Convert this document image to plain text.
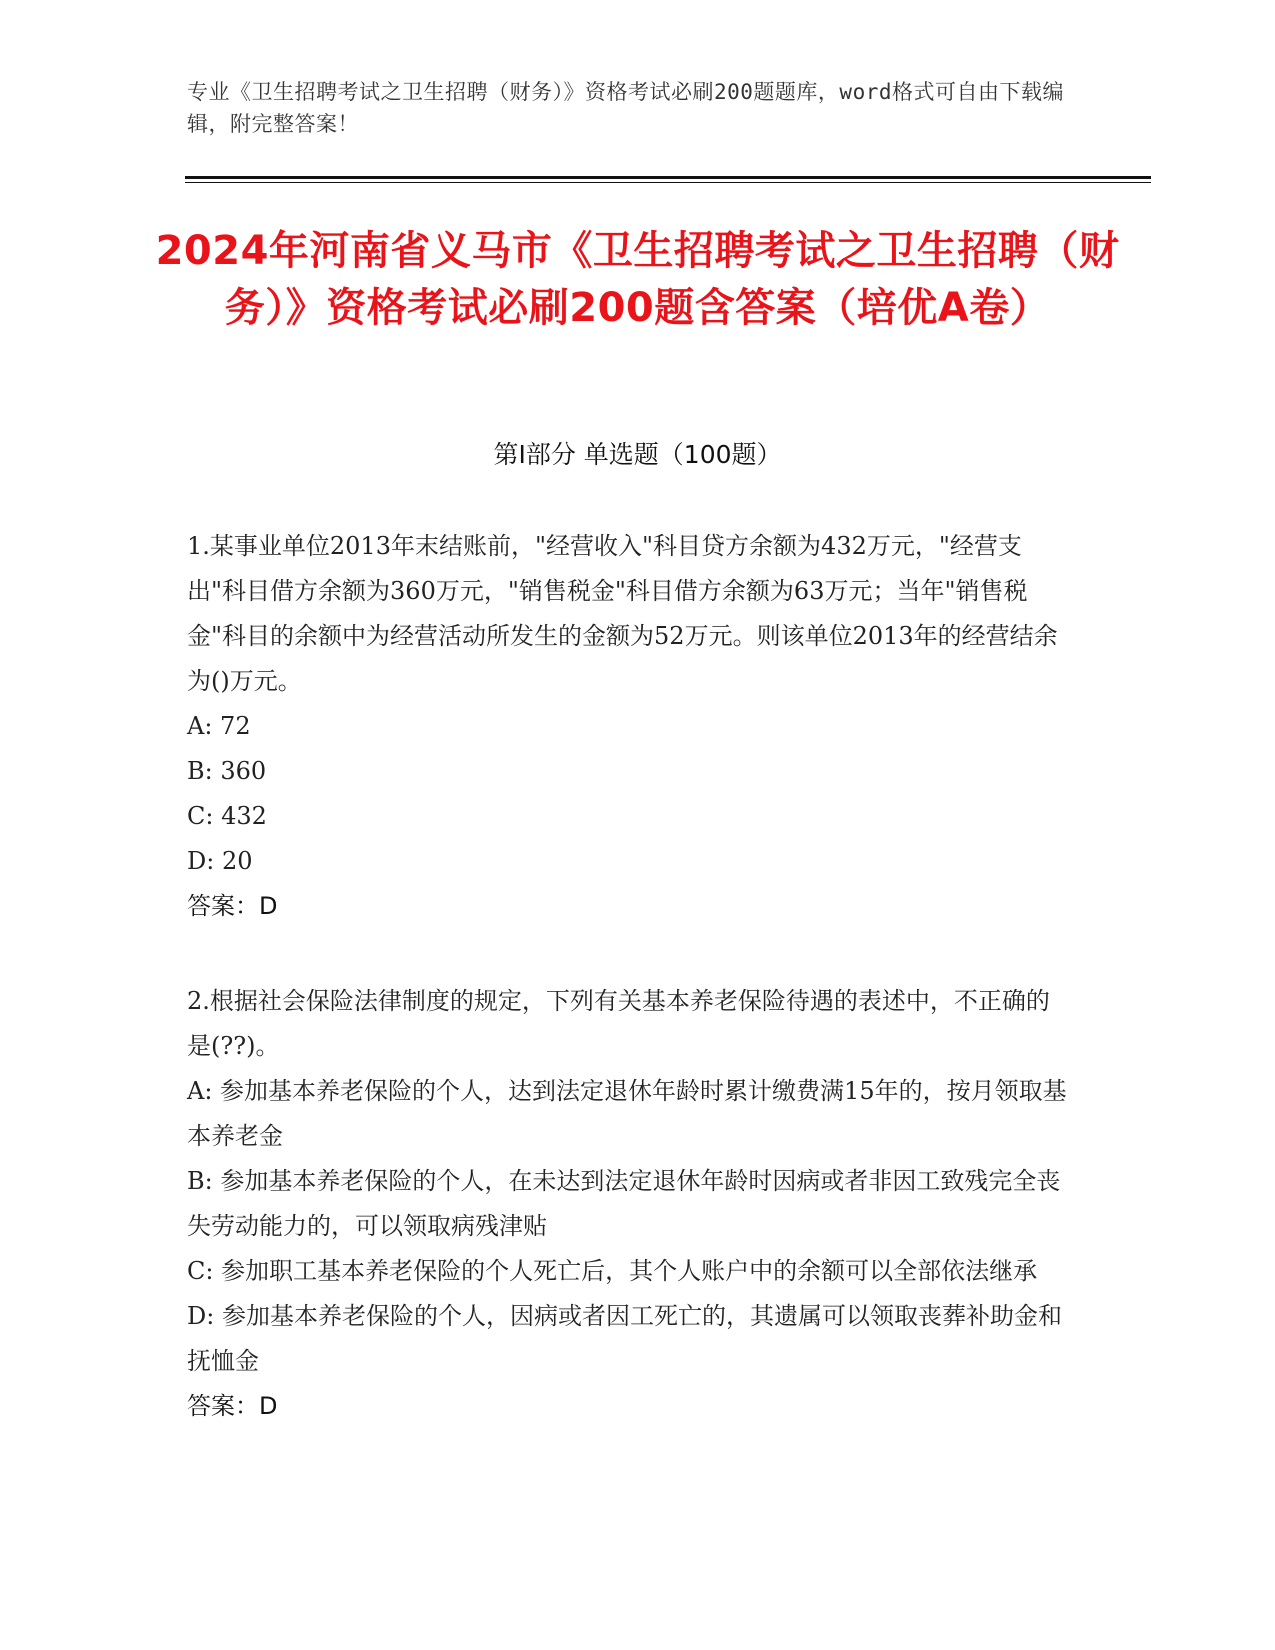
专业《卫生招聘考试之卫生招聘（财务）》资格考试必刷200题题库，word格式可自由下载编辑，附完整答案！
2024年河南省义马市《卫生招聘考试之卫生招聘（财务）》资格考试必刷200题含答案（培优A卷）
第Ⅰ部分 单选题（100题）

1.某事业单位2013年末结账前，"经营收入"科目贷方余额为432万元，"经营支出"科目借方余额为360万元，"销售税金"科目借方余额为63万元；当年"销售税金"科目的余额中为经营活动所发生的金额为52万元。则该单位2013年的经营结余为()万元。

A: 72

B: 360

C: 432

D: 20

答案：D

2.根据社会保险法律制度的规定，下列有关基本养老保险待遇的表述中，不正确的是(??)。

A: 参加基本养老保险的个人，达到法定退休年龄时累计缴费满15年的，按月领取基本养老金

B: 参加基本养老保险的个人，在未达到法定退休年龄时因病或者非因工致残完全丧失劳动能力的，可以领取病残津贴

C: 参加职工基本养老保险的个人死亡后，其个人账户中的余额可以全部依法继承

D: 参加基本养老保险的个人，因病或者因工死亡的，其遗属可以领取丧葬补助金和抚恤金

答案：D
